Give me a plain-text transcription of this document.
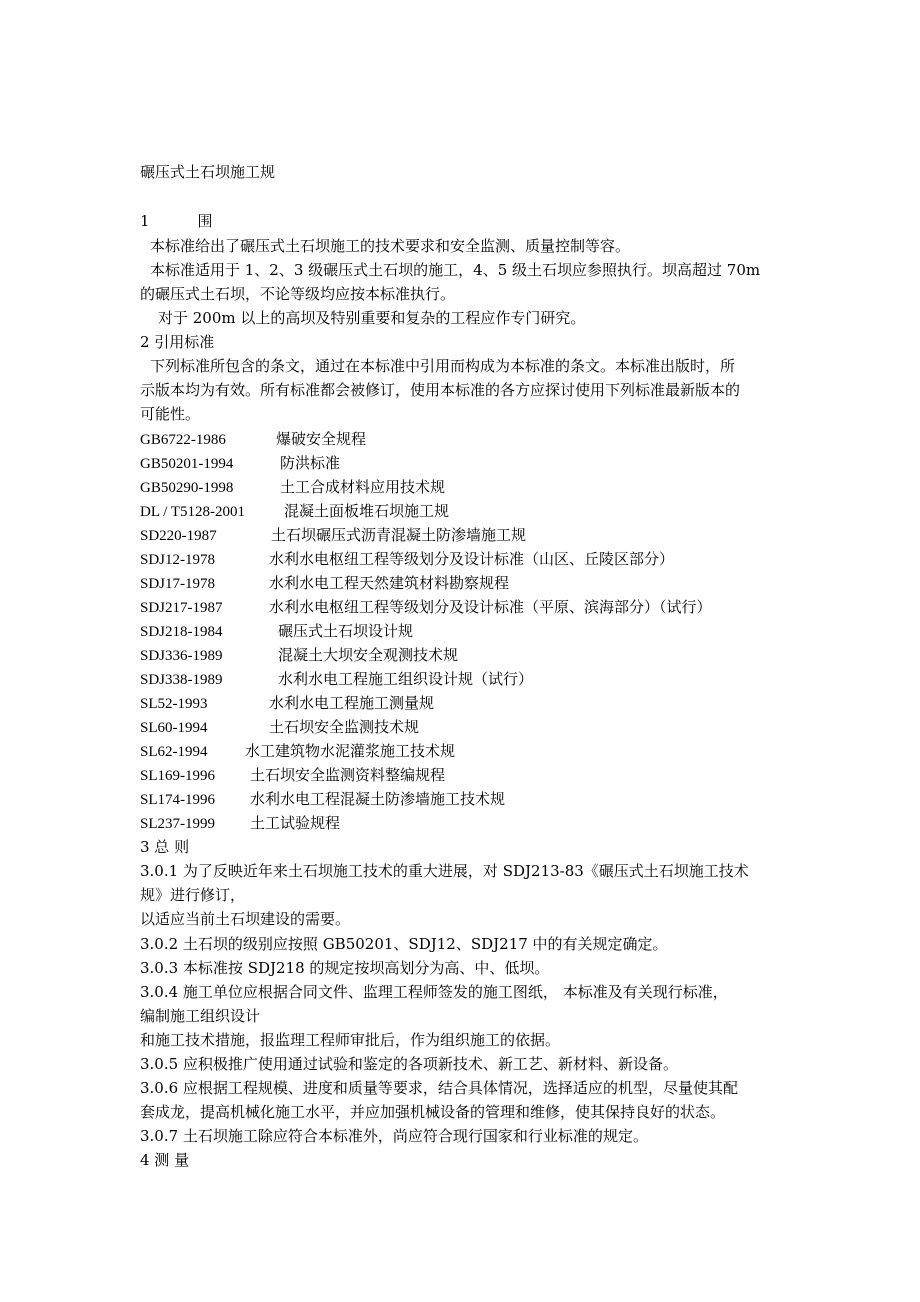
碾压式土石坝施工规
1	围
本标准给出了碾压式土石坝施工的技术要求和安全监测、质量控制等容。
本标准适用于 1、2、3 级碾压式土石坝的施工，4、5 级土石坝应参照执行。坝高超过 70m
的碾压式土石坝，不论等级均应按本标准执行。
对于 200m 以上的高坝及特别重要和复杂的工程应作专门研究。
2 引用标准
下列标准所包含的条文，通过在本标准中引用而构成为本标准的条文。本标准出版时，所
示版本均为有效。所有标准都会被修订，使用本标准的各方应探讨使用下列标准最新版本的
可能性。
GB6722-1986	爆破安全规程
GB50201-1994	防洪标准
GB50290-1998	土工合成材料应用技术规
DL / T5128-2001	混凝土面板堆石坝施工规
SD220-1987	土石坝碾压式沥青混凝土防渗墙施工规
SDJ12-1978	水利水电枢纽工程等级划分及设计标准（山区、丘陵区部分）
SDJ17-1978	水利水电工程天然建筑材料勘察规程
SDJ217-1987	水利水电枢纽工程等级划分及设计标准（平原、滨海部分）（试行）
SDJ218-1984	碾压式土石坝设计规
SDJ336-1989	混凝土大坝安全观测技术规
SDJ338-1989	水利水电工程施工组织设计规（试行）
SL52-1993	水利水电工程施工测量规
SL60-1994	土石坝安全监测技术规
SL62-1994	水工建筑物水泥灌浆施工技术规
SL169-1996 土石坝安全监测资料整编规程
SL174-1996 水利水电工程混凝土防渗墙施工技术规
SL237-1999 土工试验规程
3 总 则
3.0.1 为了反映近年来土石坝施工技术的重大进展，对 SDJ213-83《碾压式土石坝施工技术
规》进行修订，
以适应当前土石坝建设的需要。
3.0.2 土石坝的级别应按照 GB50201、SDJ12、SDJ217 中的有关规定确定。
3.0.3 本标准按 SDJ218 的规定按坝高划分为高、中、低坝。
3.0.4 施工单位应根据合同文件、监理工程师签发的施工图纸， 本标准及有关现行标准，
编制施工组织设计
和施工技术措施，报监理工程师审批后，作为组织施工的依据。
3.0.5 应积极推广使用通过试验和鉴定的各项新技术、新工艺、新材料、新设备。
3.0.6 应根据工程规模、进度和质量等要求，结合具体情况，选择适应的机型，尽量使其配
套成龙，提高机械化施工水平，并应加强机械设备的管理和维修，使其保持良好的状态。
3.0.7 土石坝施工除应符合本标准外，尚应符合现行国家和行业标准的规定。
4 测 量
